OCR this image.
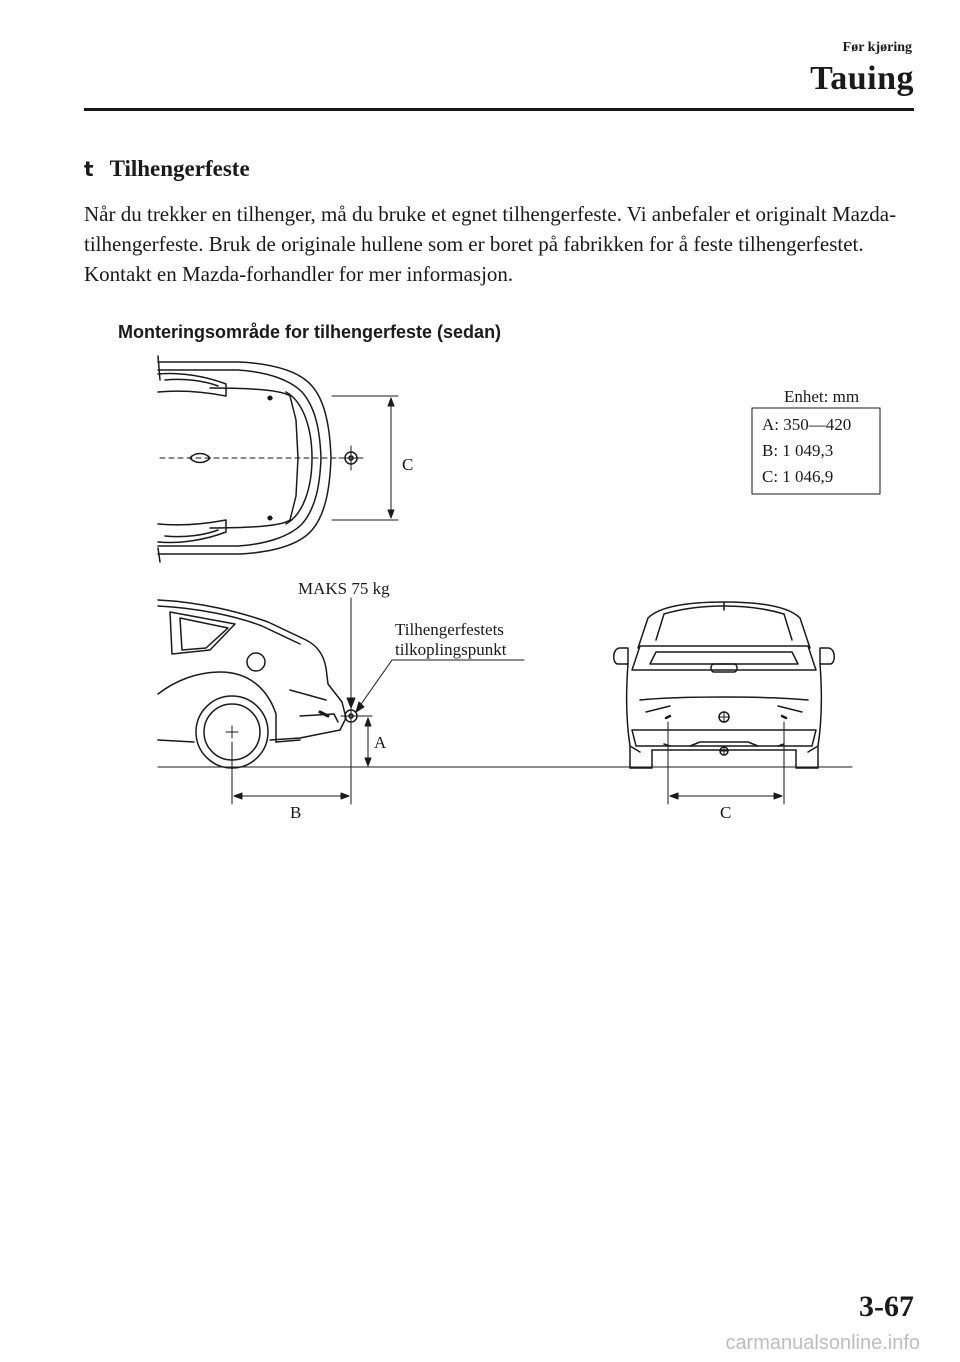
Før kjøring
Tauing
t Tilhengerfeste
Når du trekker en tilhenger, må du bruke et egnet tilhengerfeste. Vi anbefaler et originalt Mazda-tilhengerfeste. Bruk de originale hullene som er boret på fabrikken for å feste tilhengerfestet. Kontakt en Mazda-forhandler for mer informasjon.
Monteringsområde for tilhengerfeste (sedan)
C
Enhet: mm
A: 350—420
B: 1 049,3
C: 1 046,9
MAKS 75 kg
Tilhengerfestets
tilkoplingspunkt
A
B	C
3-67
carmanualsonline.info
